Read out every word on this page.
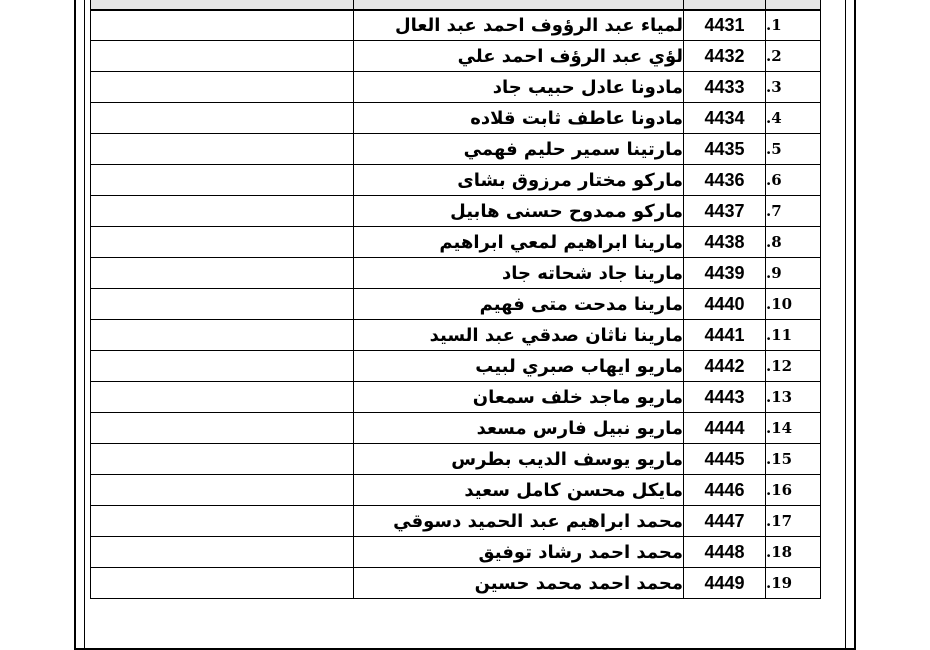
1.	4431	لمياء عبد الرؤوف احمد عبد العال	
2.	4432	لؤي عبد الرؤف احمد علي	
3.	4433	مادونا عادل حبيب جاد	
4.	4434	مادونا عاطف ثابت قلاده	
5.	4435	مارتينا سمير حليم فهمي	
6.	4436	ماركو مختار مرزوق بشاى	
7.	4437	ماركو ممدوح حسنى هابيل	
8.	4438	مارينا ابراهيم لمعي ابراهيم	
9.	4439	مارينا جاد شحاته جاد	
10.	4440	مارينا مدحت متى فهيم	
11.	4441	مارينا ناثان صدقي عبد السيد	
12.	4442	ماريو ايهاب صبري لبيب	
13.	4443	ماريو ماجد خلف سمعان	
14.	4444	ماريو نبيل فارس مسعد	
15.	4445	ماريو يوسف الديب بطرس	
16.	4446	مايكل محسن كامل سعيد	
17.	4447	محمد ابراهيم عبد الحميد دسوقي	
18.	4448	محمد احمد رشاد توفيق	
19.	4449	محمد احمد محمد حسين	
